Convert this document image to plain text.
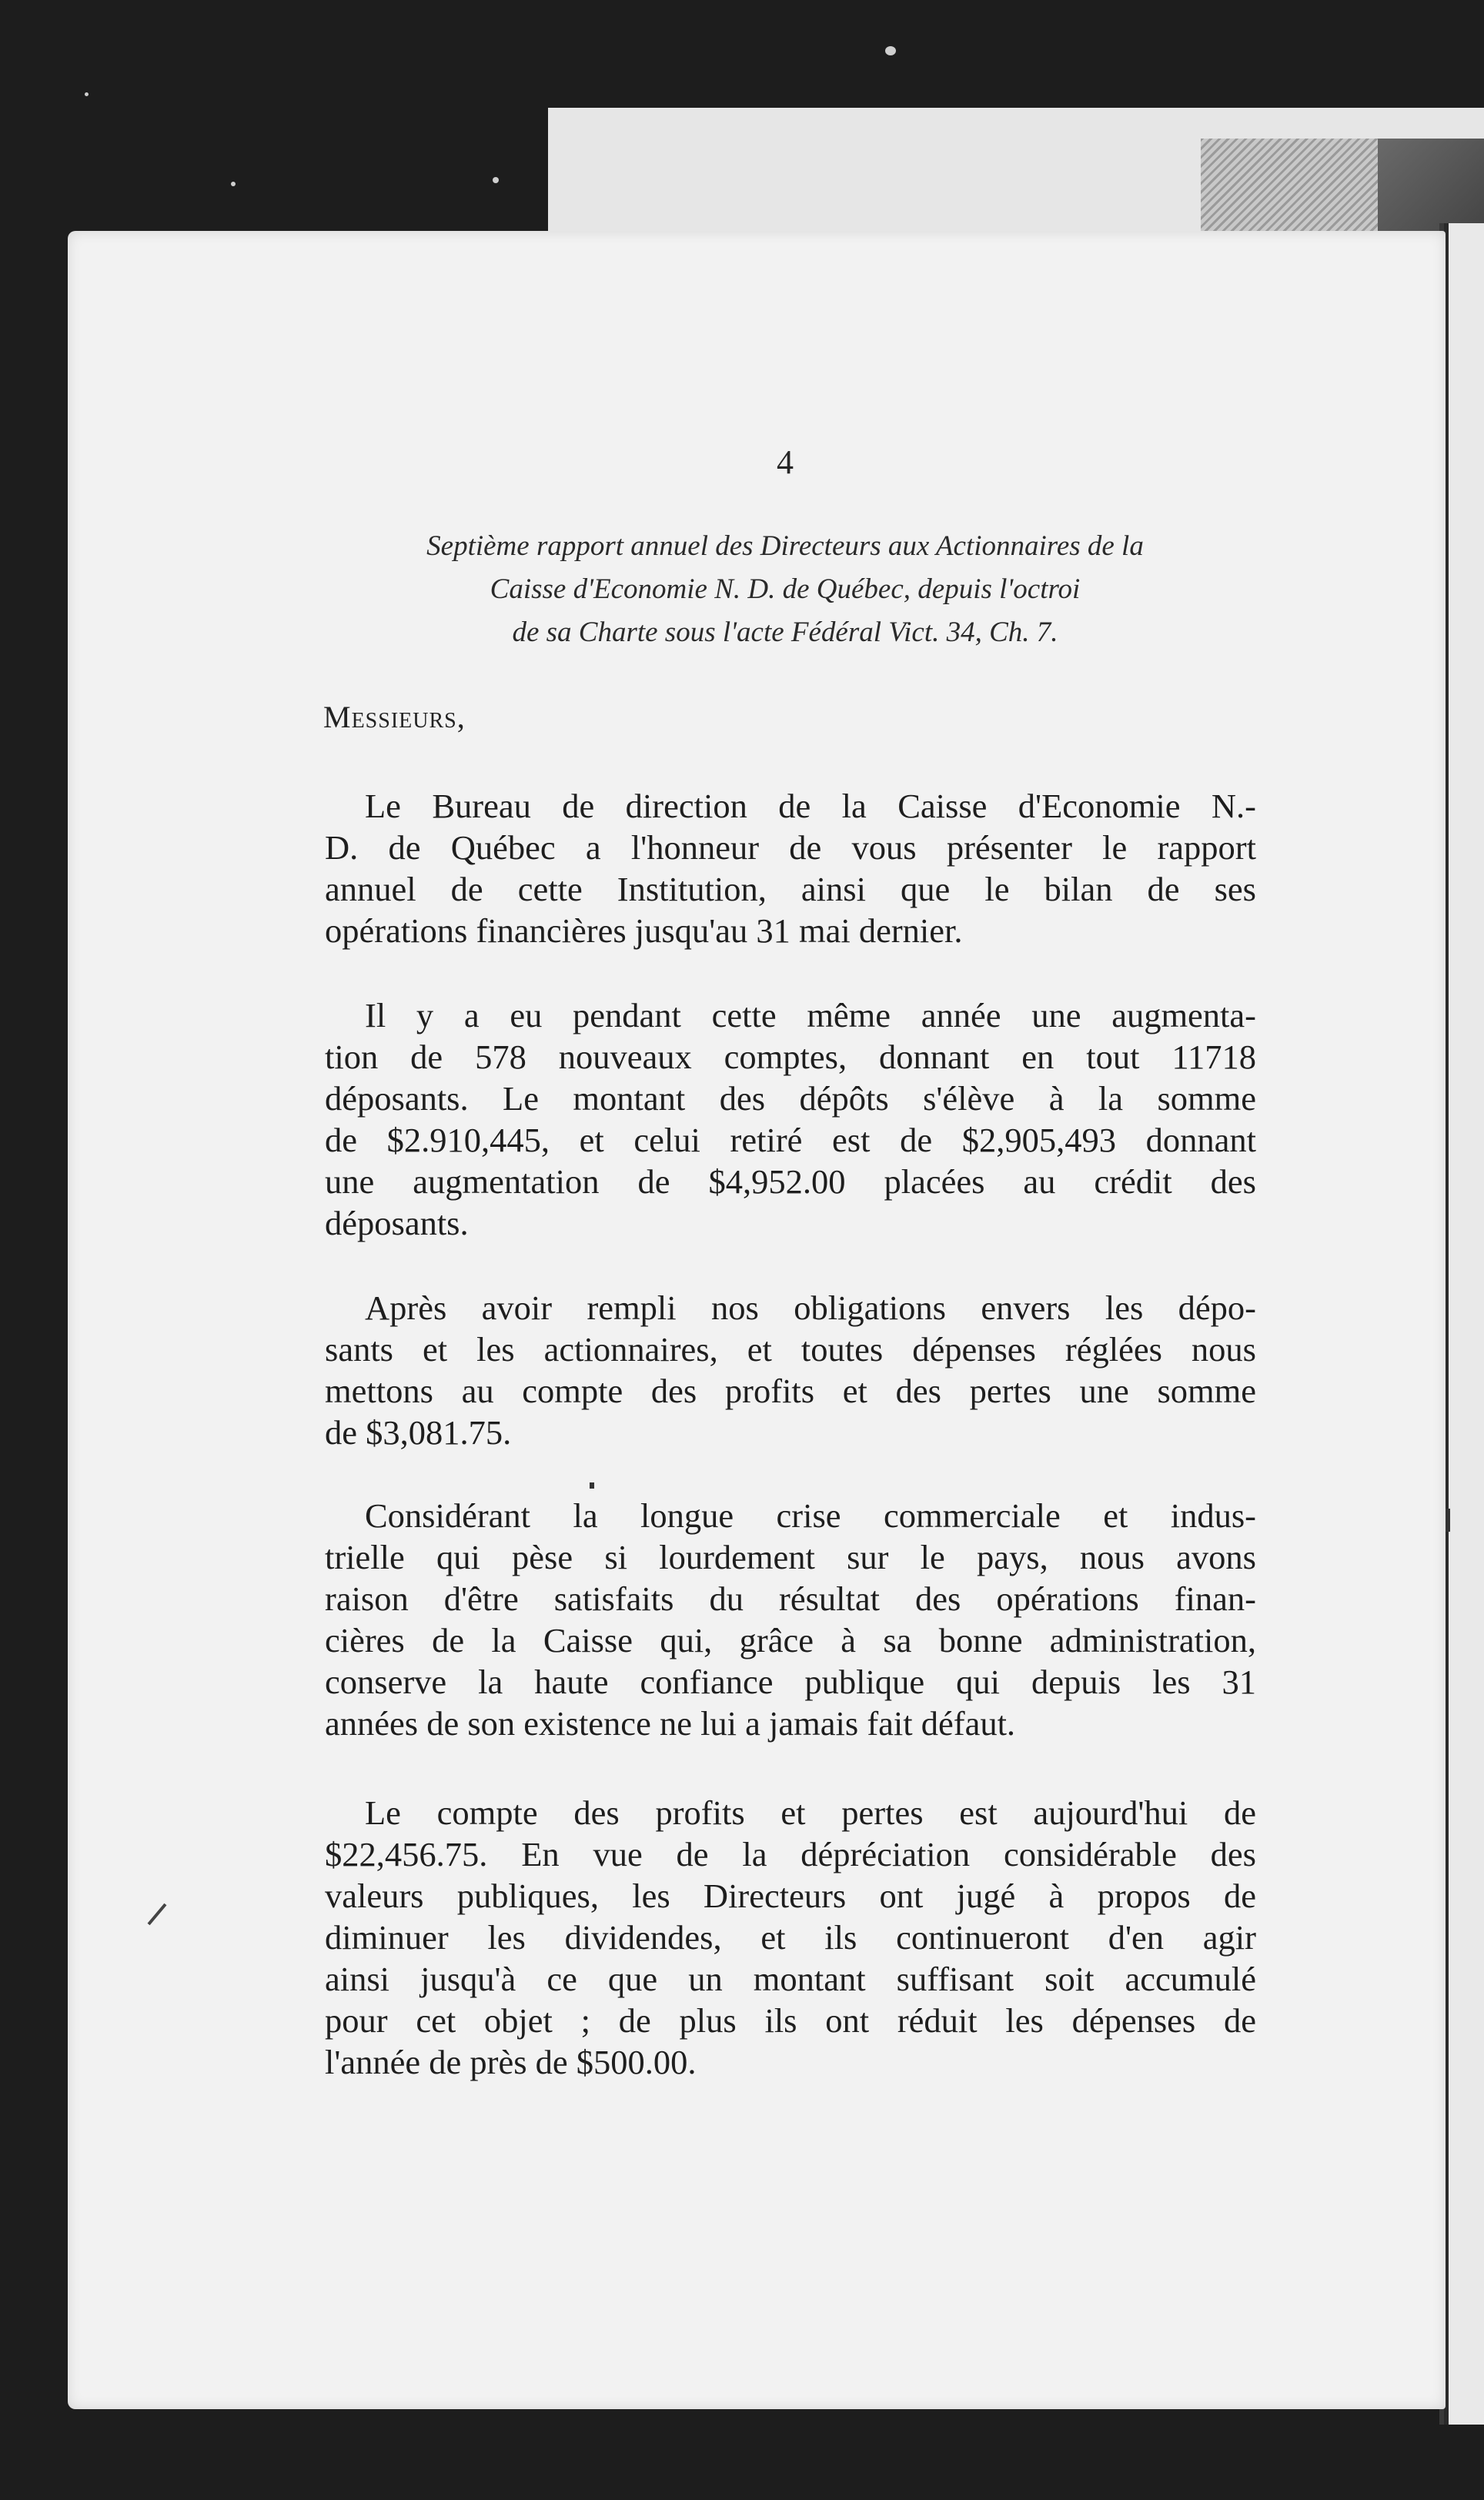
4
Septième rapport annuel des Directeurs aux Actionnaires de la
Caisse d'Economie N. D. de Québec, depuis l'octroi
de sa Charte sous l'acte Fédéral Vict. 34, Ch. 7.
Messieurs,
Le Bureau de direction de la Caisse d'Economie N.-
D. de Québec a l'honneur de vous présenter le rapport
annuel de cette Institution, ainsi que le bilan de ses
opérations financières jusqu'au 31 mai dernier.
Il y a eu pendant cette même année une augmenta-
tion de 578 nouveaux comptes, donnant en tout 11718
déposants. Le montant des dépôts s'élève à la somme
de $2.910,445, et celui retiré est de $2,905,493 donnant
une augmentation de $4,952.00 placées au crédit des
déposants.
Après avoir rempli nos obligations envers les dépo-
sants et les actionnaires, et toutes dépenses réglées nous
mettons au compte des profits et des pertes une somme
de $3,081.75.
Considérant la longue crise commerciale et indus-
trielle qui pèse si lourdement sur le pays, nous avons
raison d'être satisfaits du résultat des opérations finan-
cières de la Caisse qui, grâce à sa bonne administration,
conserve la haute confiance publique qui depuis les 31
années de son existence ne lui a jamais fait défaut.
Le compte des profits et pertes est aujourd'hui de
$22,456.75. En vue de la dépréciation considérable des
valeurs publiques, les Directeurs ont jugé à propos de
diminuer les dividendes, et ils continueront d'en agir
ainsi jusqu'à ce que un montant suffisant soit accumulé
pour cet objet ; de plus ils ont réduit les dépenses de
l'année de près de $500.00.
